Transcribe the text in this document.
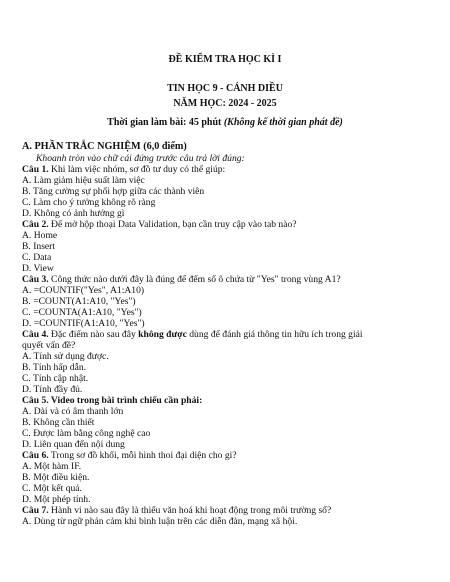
ĐỀ KIỂM TRA HỌC KÌ I
TIN HỌC 9 - CÁNH DIỀU
NĂM HỌC: 2024 - 2025
Thời gian làm bài: 45 phút (Không kể thời gian phát đề)
A. PHẦN TRẮC NGHIỆM (6,0 điểm)
Khoanh tròn vào chữ cái đứng trước câu trả lời đúng:
Câu 1. Khi làm việc nhóm, sơ đồ tư duy có thể giúp:
A. Làm giảm hiệu suất làm việc
B. Tăng cường sự phối hợp giữa các thành viên
C. Làm cho ý tưởng không rõ ràng
D. Không có ảnh hưởng gì
Câu 2. Để mở hộp thoại Data Validation, bạn cần truy cập vào tab nào?
A. Home
B. Insert
C. Data
D. View
Câu 3. Công thức nào dưới đây là đúng để đếm số ô chứa từ "Yes" trong vùng A1?
A. =COUNTIF("Yes", A1:A10)
B. =COUNT(A1:A10, "Yes")
C. =COUNTA(A1:A10, "Yes")
D. =COUNTIF(A1:A10, "Yes")
Câu 4. Đặc điểm nào sau đây không được dùng để đánh giá thông tin hữu ích trong giải
quyết vấn đề?
A. Tính sử dụng được.
B. Tính hấp dẫn.
C. Tính cập nhật.
D. Tính đầy đủ.
Câu 5. Video trong bài trình chiếu cần phải:
A. Dài và có âm thanh lớn
B. Không cần thiết
C. Được làm bằng công nghệ cao
D. Liên quan đến nội dung
Câu 6. Trong sơ đồ khối, mỗi hình thoi đại diện cho gì?
A. Một hàm IF.
B. Một điều kiện.
C. Một kết quả.
D. Một phép tính.
Câu 7. Hành vi nào sau đây là thiếu văn hoá khi hoạt động trong môi trường số?
A. Dùng từ ngữ phản cảm khi bình luận trên các diễn đàn, mạng xã hội.
